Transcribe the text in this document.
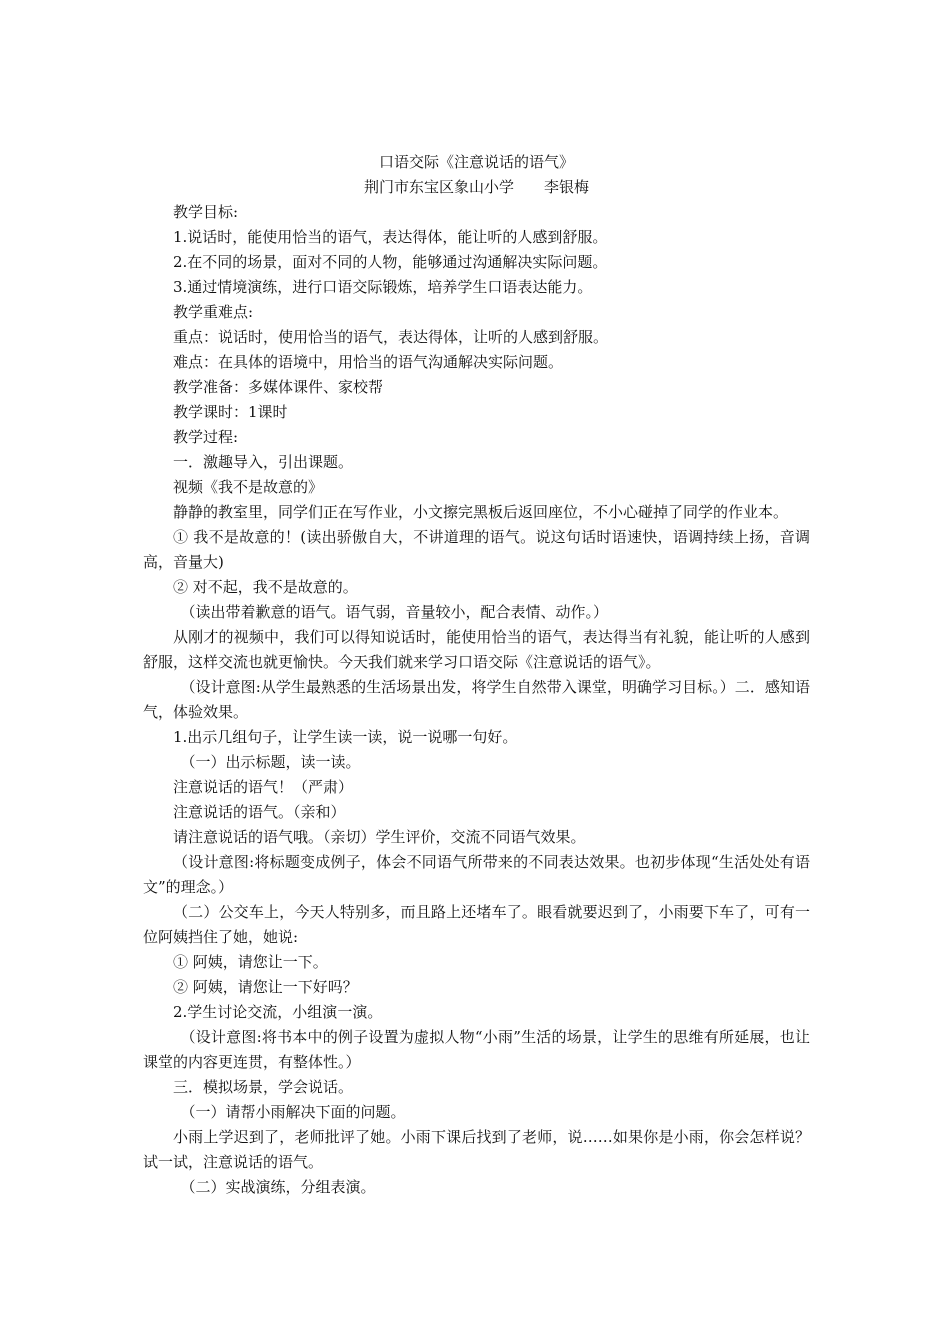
口语交际《注意说话的语气》
荆门市东宝区象山小学 李银梅

教学目标:

1.说话时，能使用恰当的语气，表达得体，能让听的人感到舒服。

2.在不同的场景，面对不同的人物，能够通过沟通解决实际问题。

3.通过情境演练，进行口语交际锻炼，培养学生口语表达能力。

教学重难点:

重点：说话时，使用恰当的语气，表达得体，让听的人感到舒服。

难点：在具体的语境中，用恰当的语气沟通解决实际问题。

教学准备：多媒体课件、家校帮

教学课时：1课时

教学过程:

一．激趣导入，引出课题。

视频《我不是故意的》

静静的教室里，同学们正在写作业，小文擦完黑板后返回座位，不小心碰掉了同学的作业本。

① 我不是故意的！(读出骄傲自大，不讲道理的语气。说这句话时语速快，语调持续上扬，音调高，音量大)

② 对不起，我不是故意的。

（读出带着歉意的语气。语气弱，音量较小，配合表情、动作。）

从刚才的视频中，我们可以得知说话时，能使用恰当的语气，表达得当有礼貌，能让听的人感到舒服，这样交流也就更愉快。今天我们就来学习口语交际《注意说话的语气》。

（设计意图:从学生最熟悉的生活场景出发，将学生自然带入课堂，明确学习目标。）二．感知语气，体验效果。

1.出示几组句子，让学生读一读，说一说哪一句好。

（一）出示标题，读一读。

注意说话的语气！（严肃）

注意说话的语气。（亲和）

请注意说话的语气哦。（亲切）学生评价，交流不同语气效果。

（设计意图:将标题变成例子，体会不同语气所带来的不同表达效果。也初步体现“生活处处有语文”的理念。）

（二）公交车上，今天人特别多，而且路上还堵车了。眼看就要迟到了，小雨要下车了，可有一位阿姨挡住了她，她说:

① 阿姨，请您让一下。

② 阿姨，请您让一下好吗？

2.学生讨论交流，小组演一演。

（设计意图:将书本中的例子设置为虚拟人物“小雨”生活的场景，让学生的思维有所延展，也让课堂的内容更连贯，有整体性。）

三．模拟场景，学会说话。

（一）请帮小雨解决下面的问题。

小雨上学迟到了，老师批评了她。小雨下课后找到了老师，说……如果你是小雨，你会怎样说？试一试，注意说话的语气。

（二）实战演练，分组表演。
